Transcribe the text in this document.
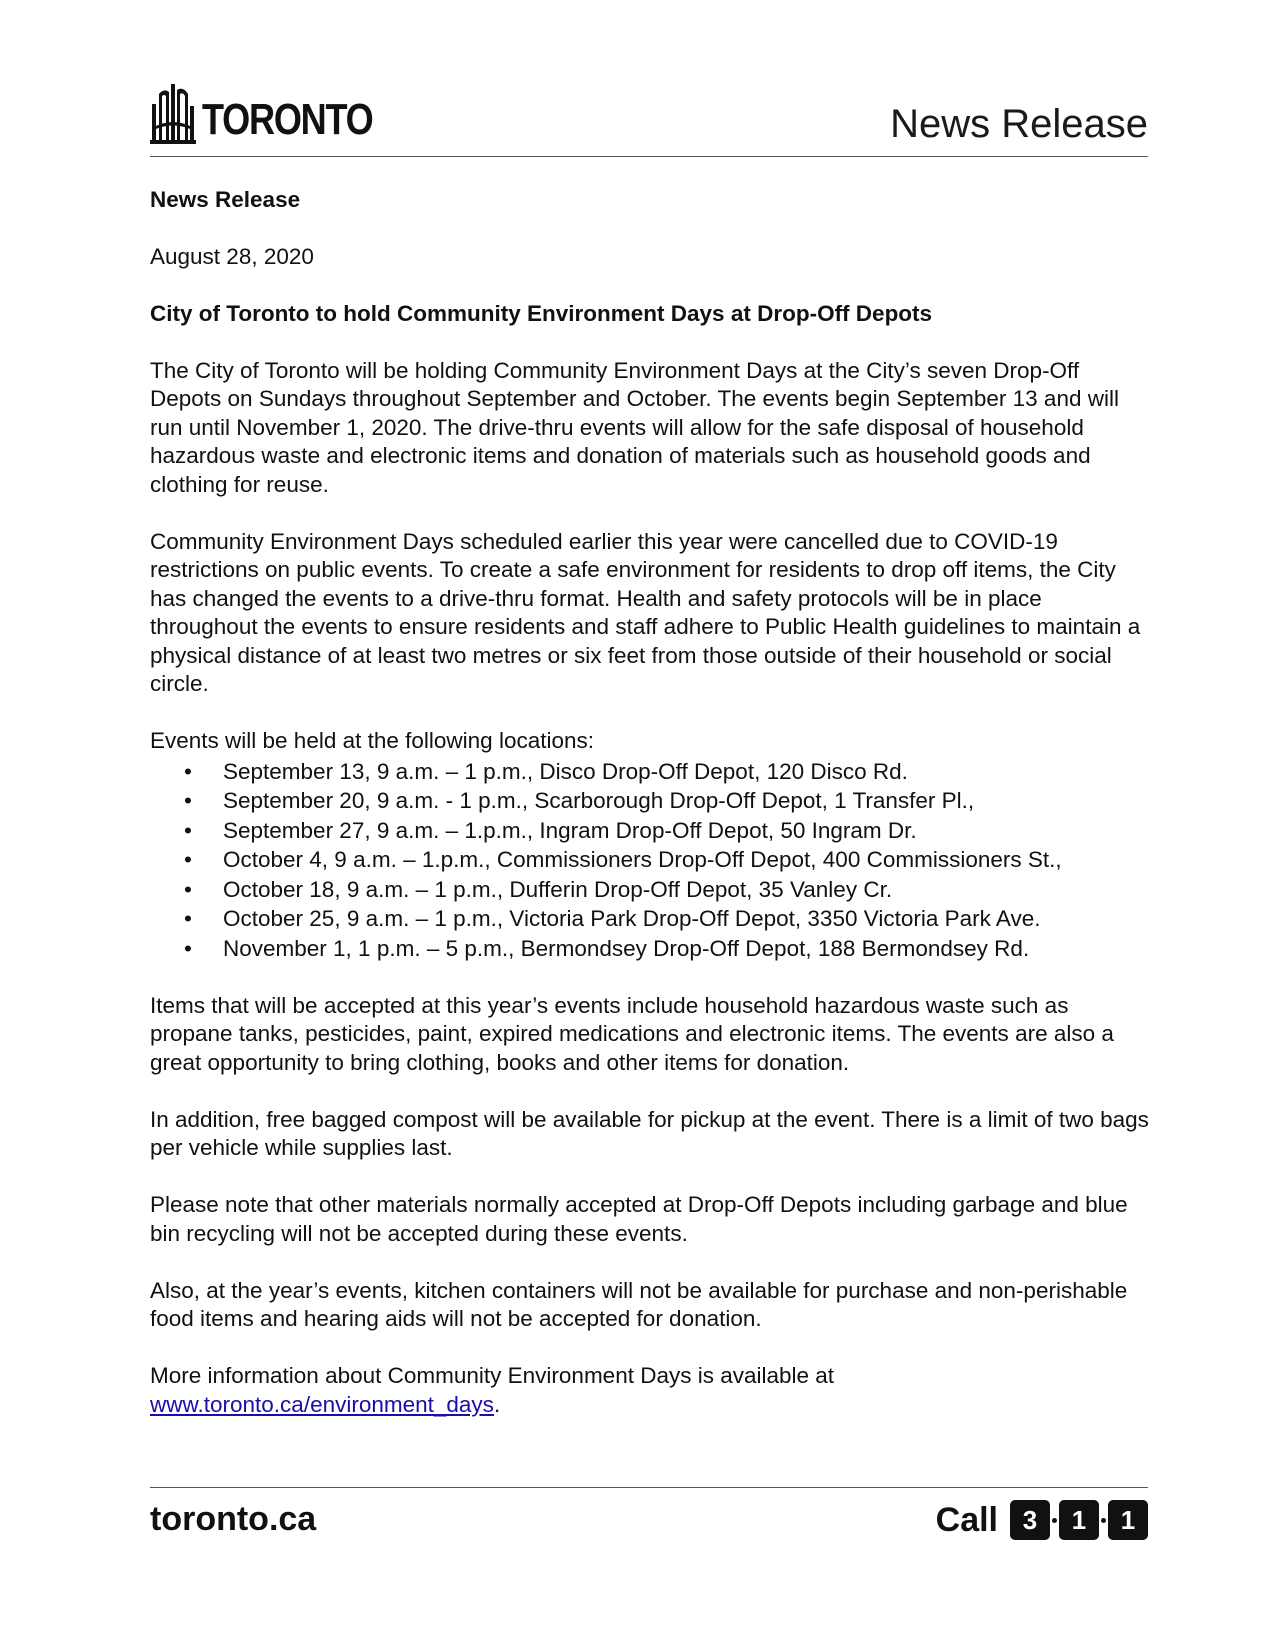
TORONTO	News Release

News Release

August 28, 2020

City of Toronto to hold Community Environment Days at Drop-Off Depots

The City of Toronto will be holding Community Environment Days at the City’s seven Drop-Off Depots on Sundays throughout September and October. The events begin September 13 and will run until November 1, 2020. The drive-thru events will allow for the safe disposal of household hazardous waste and electronic items and donation of materials such as household goods and clothing for reuse.

Community Environment Days scheduled earlier this year were cancelled due to COVID-19 restrictions on public events. To create a safe environment for residents to drop off items, the City has changed the events to a drive-thru format. Health and safety protocols will be in place throughout the events to ensure residents and staff adhere to Public Health guidelines to maintain a physical distance of at least two metres or six feet from those outside of their household or social circle.

Events will be held at the following locations:

• September 13, 9 a.m. – 1 p.m., Disco Drop-Off Depot, 120 Disco Rd.
• September 20, 9 a.m. - 1 p.m., Scarborough Drop-Off Depot, 1 Transfer Pl.,
• September 27, 9 a.m. – 1.p.m., Ingram Drop-Off Depot, 50 Ingram Dr.
• October 4, 9 a.m. – 1.p.m., Commissioners Drop-Off Depot, 400 Commissioners St.,
• October 18, 9 a.m. – 1 p.m., Dufferin Drop-Off Depot, 35 Vanley Cr.
• October 25, 9 a.m. – 1 p.m., Victoria Park Drop-Off Depot, 3350 Victoria Park Ave.
• November 1, 1 p.m. – 5 p.m., Bermondsey Drop-Off Depot, 188 Bermondsey Rd.

Items that will be accepted at this year’s events include household hazardous waste such as propane tanks, pesticides, paint, expired medications and electronic items. The events are also a great opportunity to bring clothing, books and other items for donation.

In addition, free bagged compost will be available for pickup at the event. There is a limit of two bags per vehicle while supplies last.

Please note that other materials normally accepted at Drop-Off Depots including garbage and blue bin recycling will not be accepted during these events.

Also, at the year’s events, kitchen containers will not be available for purchase and non-perishable food items and hearing aids will not be accepted for donation.

More information about Community Environment Days is available at
www.toronto.ca/environment_days.

toronto.ca	Call 3	1	1
